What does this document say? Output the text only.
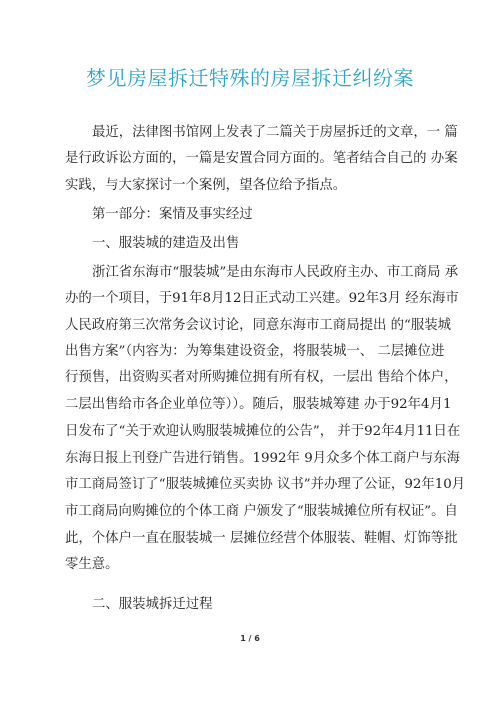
梦见房屋拆迁特殊的房屋拆迁纠纷案
最近，法律图书馆网上发表了二篇关于房屋拆迁的文章，一 篇
是行政诉讼方面的，一篇是安置合同方面的。笔者结合自己的 办案
实践，与大家探讨一个案例，望各位给予指点。
第一部分：案情及事实经过
一、服装城的建造及出售
浙江省东海市“服装城”是由东海市人民政府主办、市工商局 承
办的一个项目，于91年8月12日正式动工兴建。92年3月 经东海市
人民政府第三次常务会议讨论，同意东海市工商局提出 的“服装城
出售方案”（内容为：为筹集建设资金，将服装城一、 二层摊位进
行预售，出资购买者对所购摊位拥有所有权，一层出 售给个体户，
二层出售给市各企业单位等））。随后，服装城筹建 办于92年4月1
日发布了“关于欢迎认购服装城摊位的公告”， 并于92年4月11日在
东海日报上刊登广告进行销售。1992年 9月众多个体工商户与东海
市工商局签订了“服装城摊位买卖协 议书”并办理了公证，92年10月
市工商局向购摊位的个体工商 户颁发了“服装城摊位所有权证”。自
此，个体户一直在服装城一 层摊位经营个体服装、鞋帽、灯饰等批
零生意。
二、服装城拆迁过程
1 / 6
